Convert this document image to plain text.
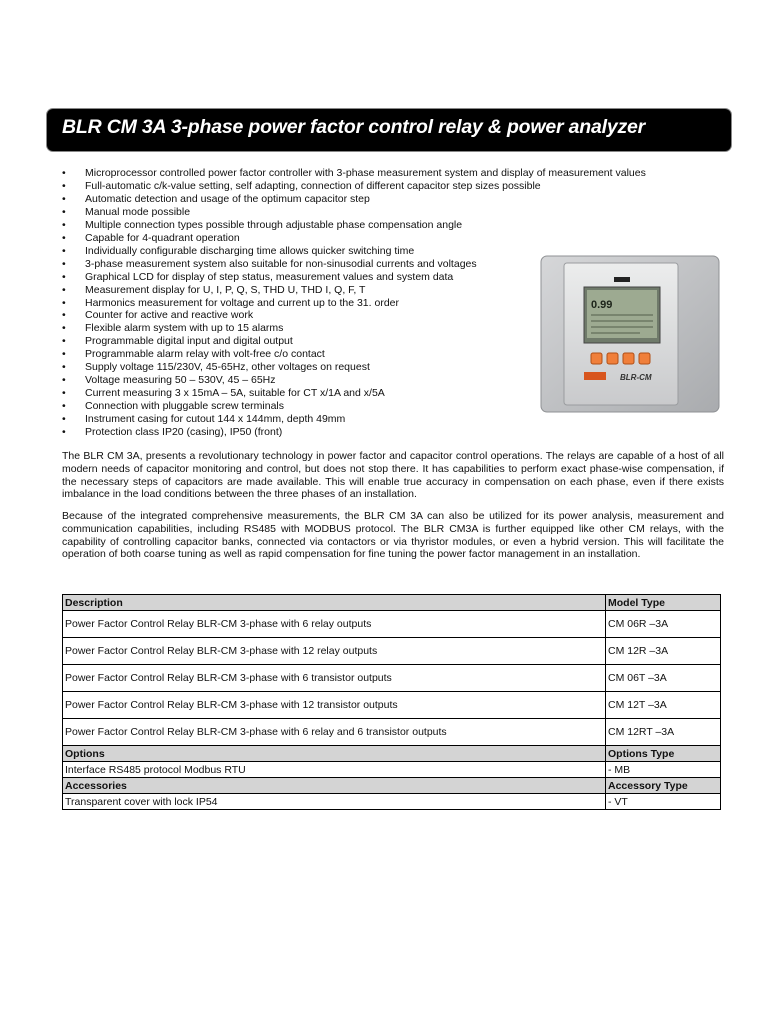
BLR CM 3A 3-phase power factor control relay & power analyzer
• Microprocessor controlled power factor controller with 3-phase measurement system and display of measurement values
• Full-automatic c/k-value setting, self adapting, connection of different capacitor step sizes possible
• Automatic detection and usage of the optimum capacitor step
• Manual mode possible
• Multiple connection types possible through adjustable phase compensation angle
• Capable for 4-quadrant operation
• Individually configurable discharging time allows quicker switching time
• 3-phase measurement system also suitable for non-sinusodial currents and voltages
• Graphical LCD for display of step status, measurement values and system data
• Measurement display for U, I, P, Q, S, THD U, THD I, Q, F, T
• Harmonics measurement for voltage and current up to the 31. order
• Counter for active and reactive work
• Flexible alarm system with up to 15 alarms
• Programmable digital input and digital output
• Programmable alarm relay with volt-free c/o contact
• Supply voltage 115/230V, 45-65Hz, other voltages on request
• Voltage measuring 50 – 530V, 45 – 65Hz
• Current measuring 3 x 15mA – 5A, suitable for CT x/1A and x/5A
• Connection with pluggable screw terminals
• Instrument casing for cutout 144 x 144mm, depth 49mm
• Protection class IP20 (casing), IP50 (front)
0.99
BLR-CM

The BLR CM 3A, presents a revolutionary technology in power factor and capacitor control operations. The relays are capable of a host of all modern needs of capacitor monitoring and control, but does not stop there. It has capabilities to perform exact phase-wise compensation, if the necessary steps of capacitors are made available. This will enable true accuracy in compensation on each phase, even if there exists imbalance in the load conditions between the three phases of an installation.

Because of the integrated comprehensive measurements, the BLR CM 3A can also be utilized for its power analysis, measurement and communication capabilities, including RS485 with MODBUS protocol. The BLR CM3A is further equipped like other CM relays, with the capability of controlling capacitor banks, connected via contactors or via thyristor modules, or even a hybrid version. This will facilitate the operation of both coarse tuning as well as rapid compensation for fine tuning the power factor management in an installation.

Description	Model Type
Power Factor Control Relay BLR-CM 3-phase with 6 relay outputs	CM 06R –3A
Power Factor Control Relay BLR-CM 3-phase with 12 relay outputs	CM 12R –3A
Power Factor Control Relay BLR-CM 3-phase with 6 transistor outputs	CM 06T –3A
Power Factor Control Relay BLR-CM 3-phase with 12 transistor outputs	CM 12T –3A
Power Factor Control Relay BLR-CM 3-phase with 6 relay and 6 transistor outputs	CM 12RT –3A
Options	Options Type
Interface RS485 protocol Modbus RTU	- MB
Accessories	Accessory Type
Transparent cover with lock IP54	- VT
